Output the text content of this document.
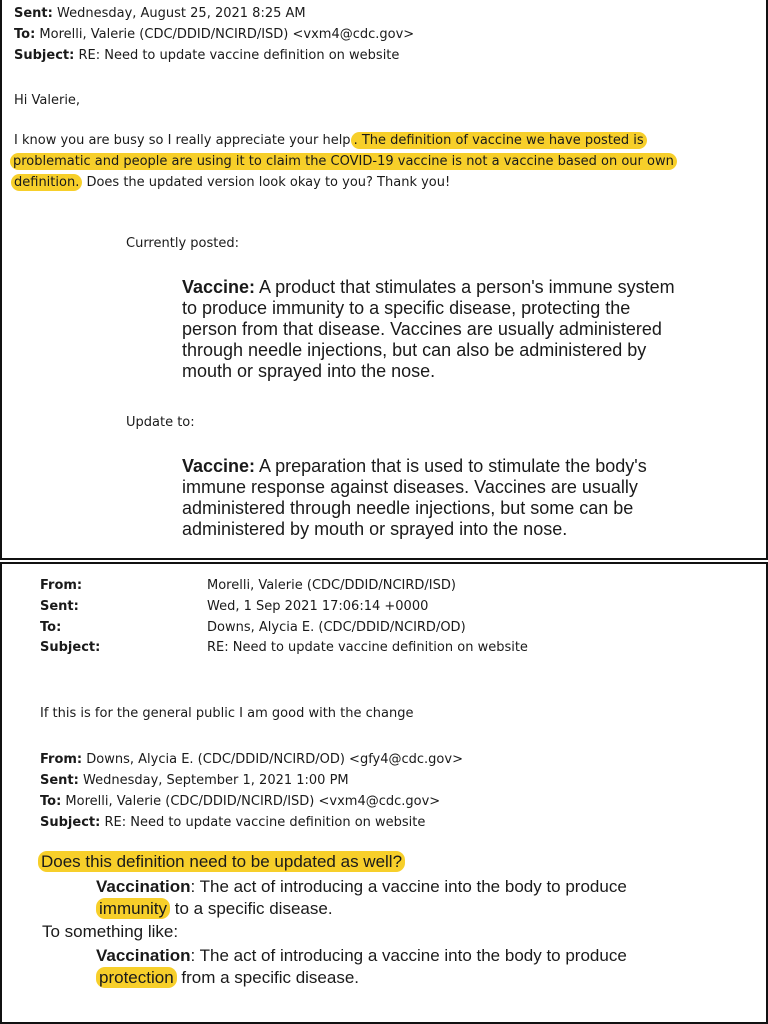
Sent: Wednesday, August 25, 2021 8:25 AM
To: Morelli, Valerie (CDC/DDID/NCIRD/ISD) <vxm4@cdc.gov>
Subject: RE: Need to update vaccine definition on website
Hi Valerie,
I know you are busy so I really appreciate your help . The definition of vaccine we have posted is
problematic and people are using it to claim the COVID-19 vaccine is not a vaccine based on our own
definition. Does the updated version look okay to you? Thank you!
Currently posted:
Vaccine: A product that stimulates a person's immune system
to produce immunity to a specific disease, protecting the
person from that disease. Vaccines are usually administered
through needle injections, but can also be administered by
mouth or sprayed into the nose.
Update to:
Vaccine: A preparation that is used to stimulate the body's
immune response against diseases. Vaccines are usually
administered through needle injections, but some can be
administered by mouth or sprayed into the nose.
From:	Morelli, Valerie (CDC/DDID/NCIRD/ISD)
Sent:	Wed, 1 Sep 2021 17:06:14 +0000
To:	Downs, Alycia E. (CDC/DDID/NCIRD/OD)
Subject:	RE: Need to update vaccine definition on website
If this is for the general public I am good with the change
From: Downs, Alycia E. (CDC/DDID/NCIRD/OD) <gfy4@cdc.gov>
Sent: Wednesday, September 1, 2021 1:00 PM
To: Morelli, Valerie (CDC/DDID/NCIRD/ISD) <vxm4@cdc.gov>
Subject: RE: Need to update vaccine definition on website
Does this definition need to be updated as well?
Vaccination: The act of introducing a vaccine into the body to produce
immunity to a specific disease.
To something like:
Vaccination: The act of introducing a vaccine into the body to produce
protection from a specific disease.
